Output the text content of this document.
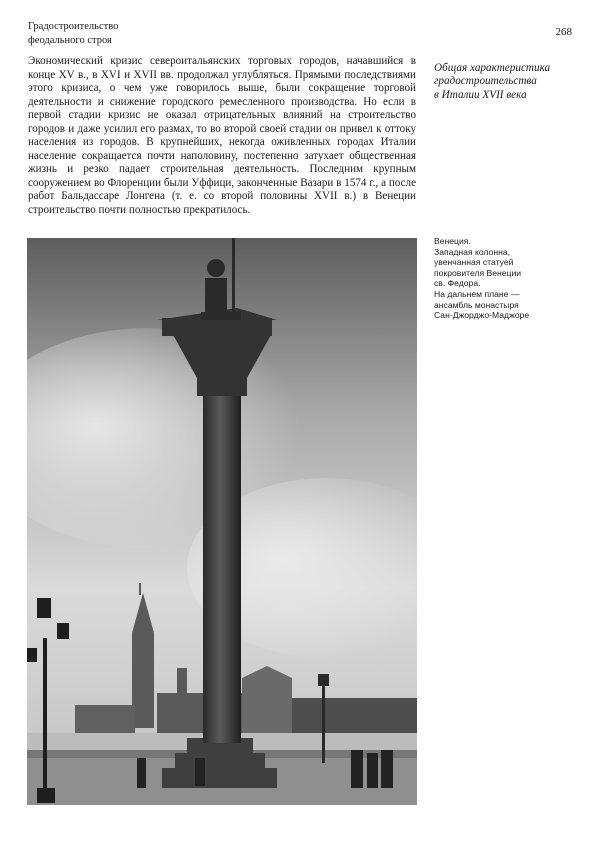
Градостроительство
феодального строя
268

Экономический кризис североитальянских торговых городов, начавшийся в конце XV в., в XVI и XVII вв. продолжал углубляться. Прямыми последствиями этого кризиса, о чем уже говорилось выше, были сокращение торговой деятельности и снижение городского ремесленного производства. Но если в первой стадии кризис не оказал отрицательных влияний на строительство городов и даже усилил его размах, то во второй своей стадии он привел к оттоку населения из городов. В крупнейших, некогда оживленных городах Италии население сокращается почти наполовину, постепенно затухает общественная жизнь и резко падает строительная деятельность. Последним крупным сооружением во Флоренции были Уффици, законченные Вазари в 1574 г., а после работ Бальдассаре Лонгена (т. е. со второй половины XVII в.) в Венеции строительство почти полностью прекратилось.

Общая характеристика
градостроительства
в Италии XVII века
Венеция.
Западная колонна,
увенчанная статуей
покровителя Венеции
св. Федора.
На дальнем плане —
ансамбль монастыря
Сан-Джорджо-Маджоре
